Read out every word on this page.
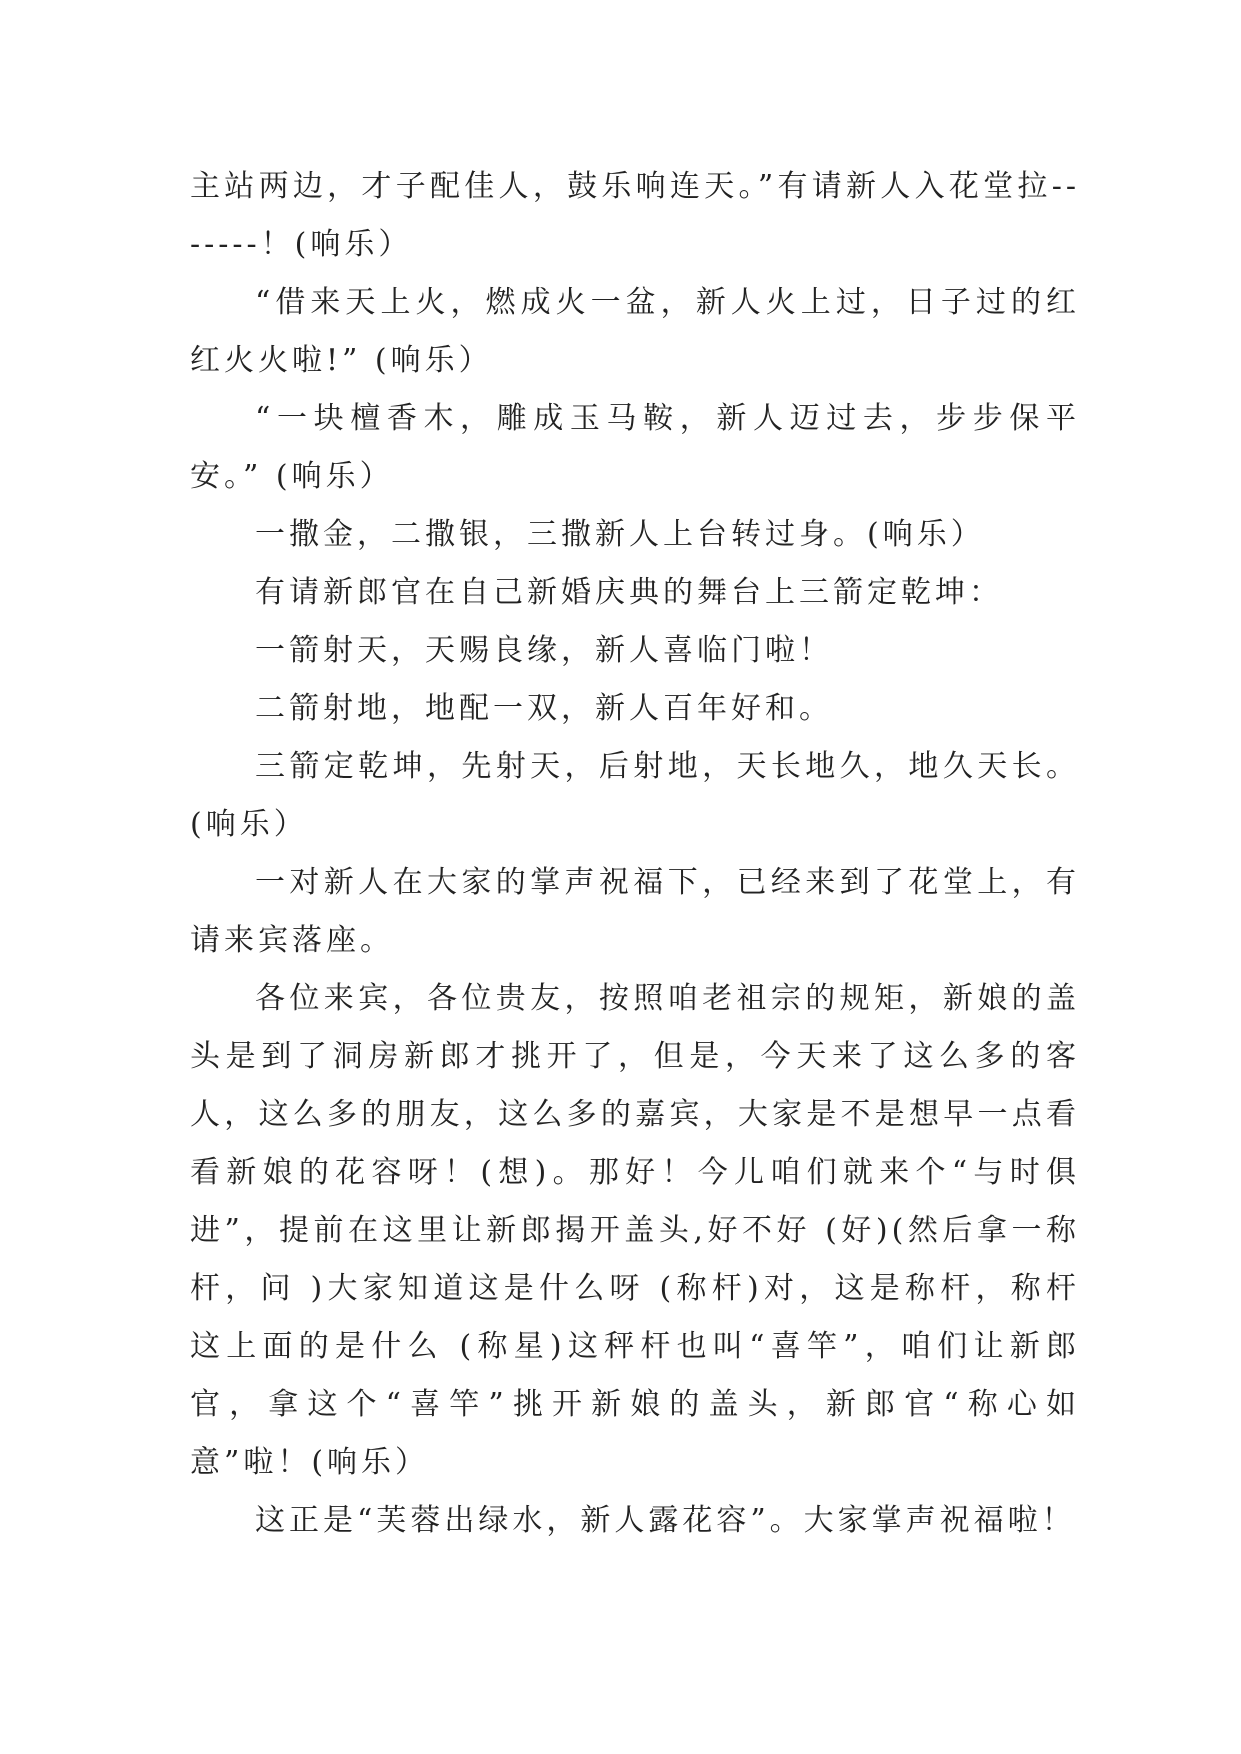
主站两边，才子配佳人，鼓乐响连天。”有请新人入花堂拉-------！(响乐）

“借来天上火，燃成火一盆，新人火上过，日子过的红红火火啦!” (响乐）

“一块檀香木，雕成玉马鞍，新人迈过去，步步保平安。” (响乐）

一撒金，二撒银，三撒新人上台转过身。(响乐）

有请新郎官在自己新婚庆典的舞台上三箭定乾坤：

一箭射天，天赐良缘，新人喜临门啦！

二箭射地，地配一双，新人百年好和。

三箭定乾坤，先射天，后射地，天长地久，地久天长。(响乐）

一对新人在大家的掌声祝福下，已经来到了花堂上，有请来宾落座。

各位来宾，各位贵友，按照咱老祖宗的规矩，新娘的盖头是到了洞房新郎才挑开了，但是，今天来了这么多的客人，这么多的朋友，这么多的嘉宾，大家是不是想早一点看看新娘的花容呀！(想)。那好！今儿咱们就来个“与时俱进”，提前在这里让新郎揭开盖头,好不好 (好)(然后拿一称杆，问 )大家知道这是什么呀 (称杆)对，这是称杆，称杆这上面的是什么 (称星)这秤杆也叫“喜竿”，咱们让新郎官，拿这个“喜竿”挑开新娘的盖头，新郎官“称心如意”啦！(响乐）

这正是“芙蓉出绿水，新人露花容”。大家掌声祝福啦！
